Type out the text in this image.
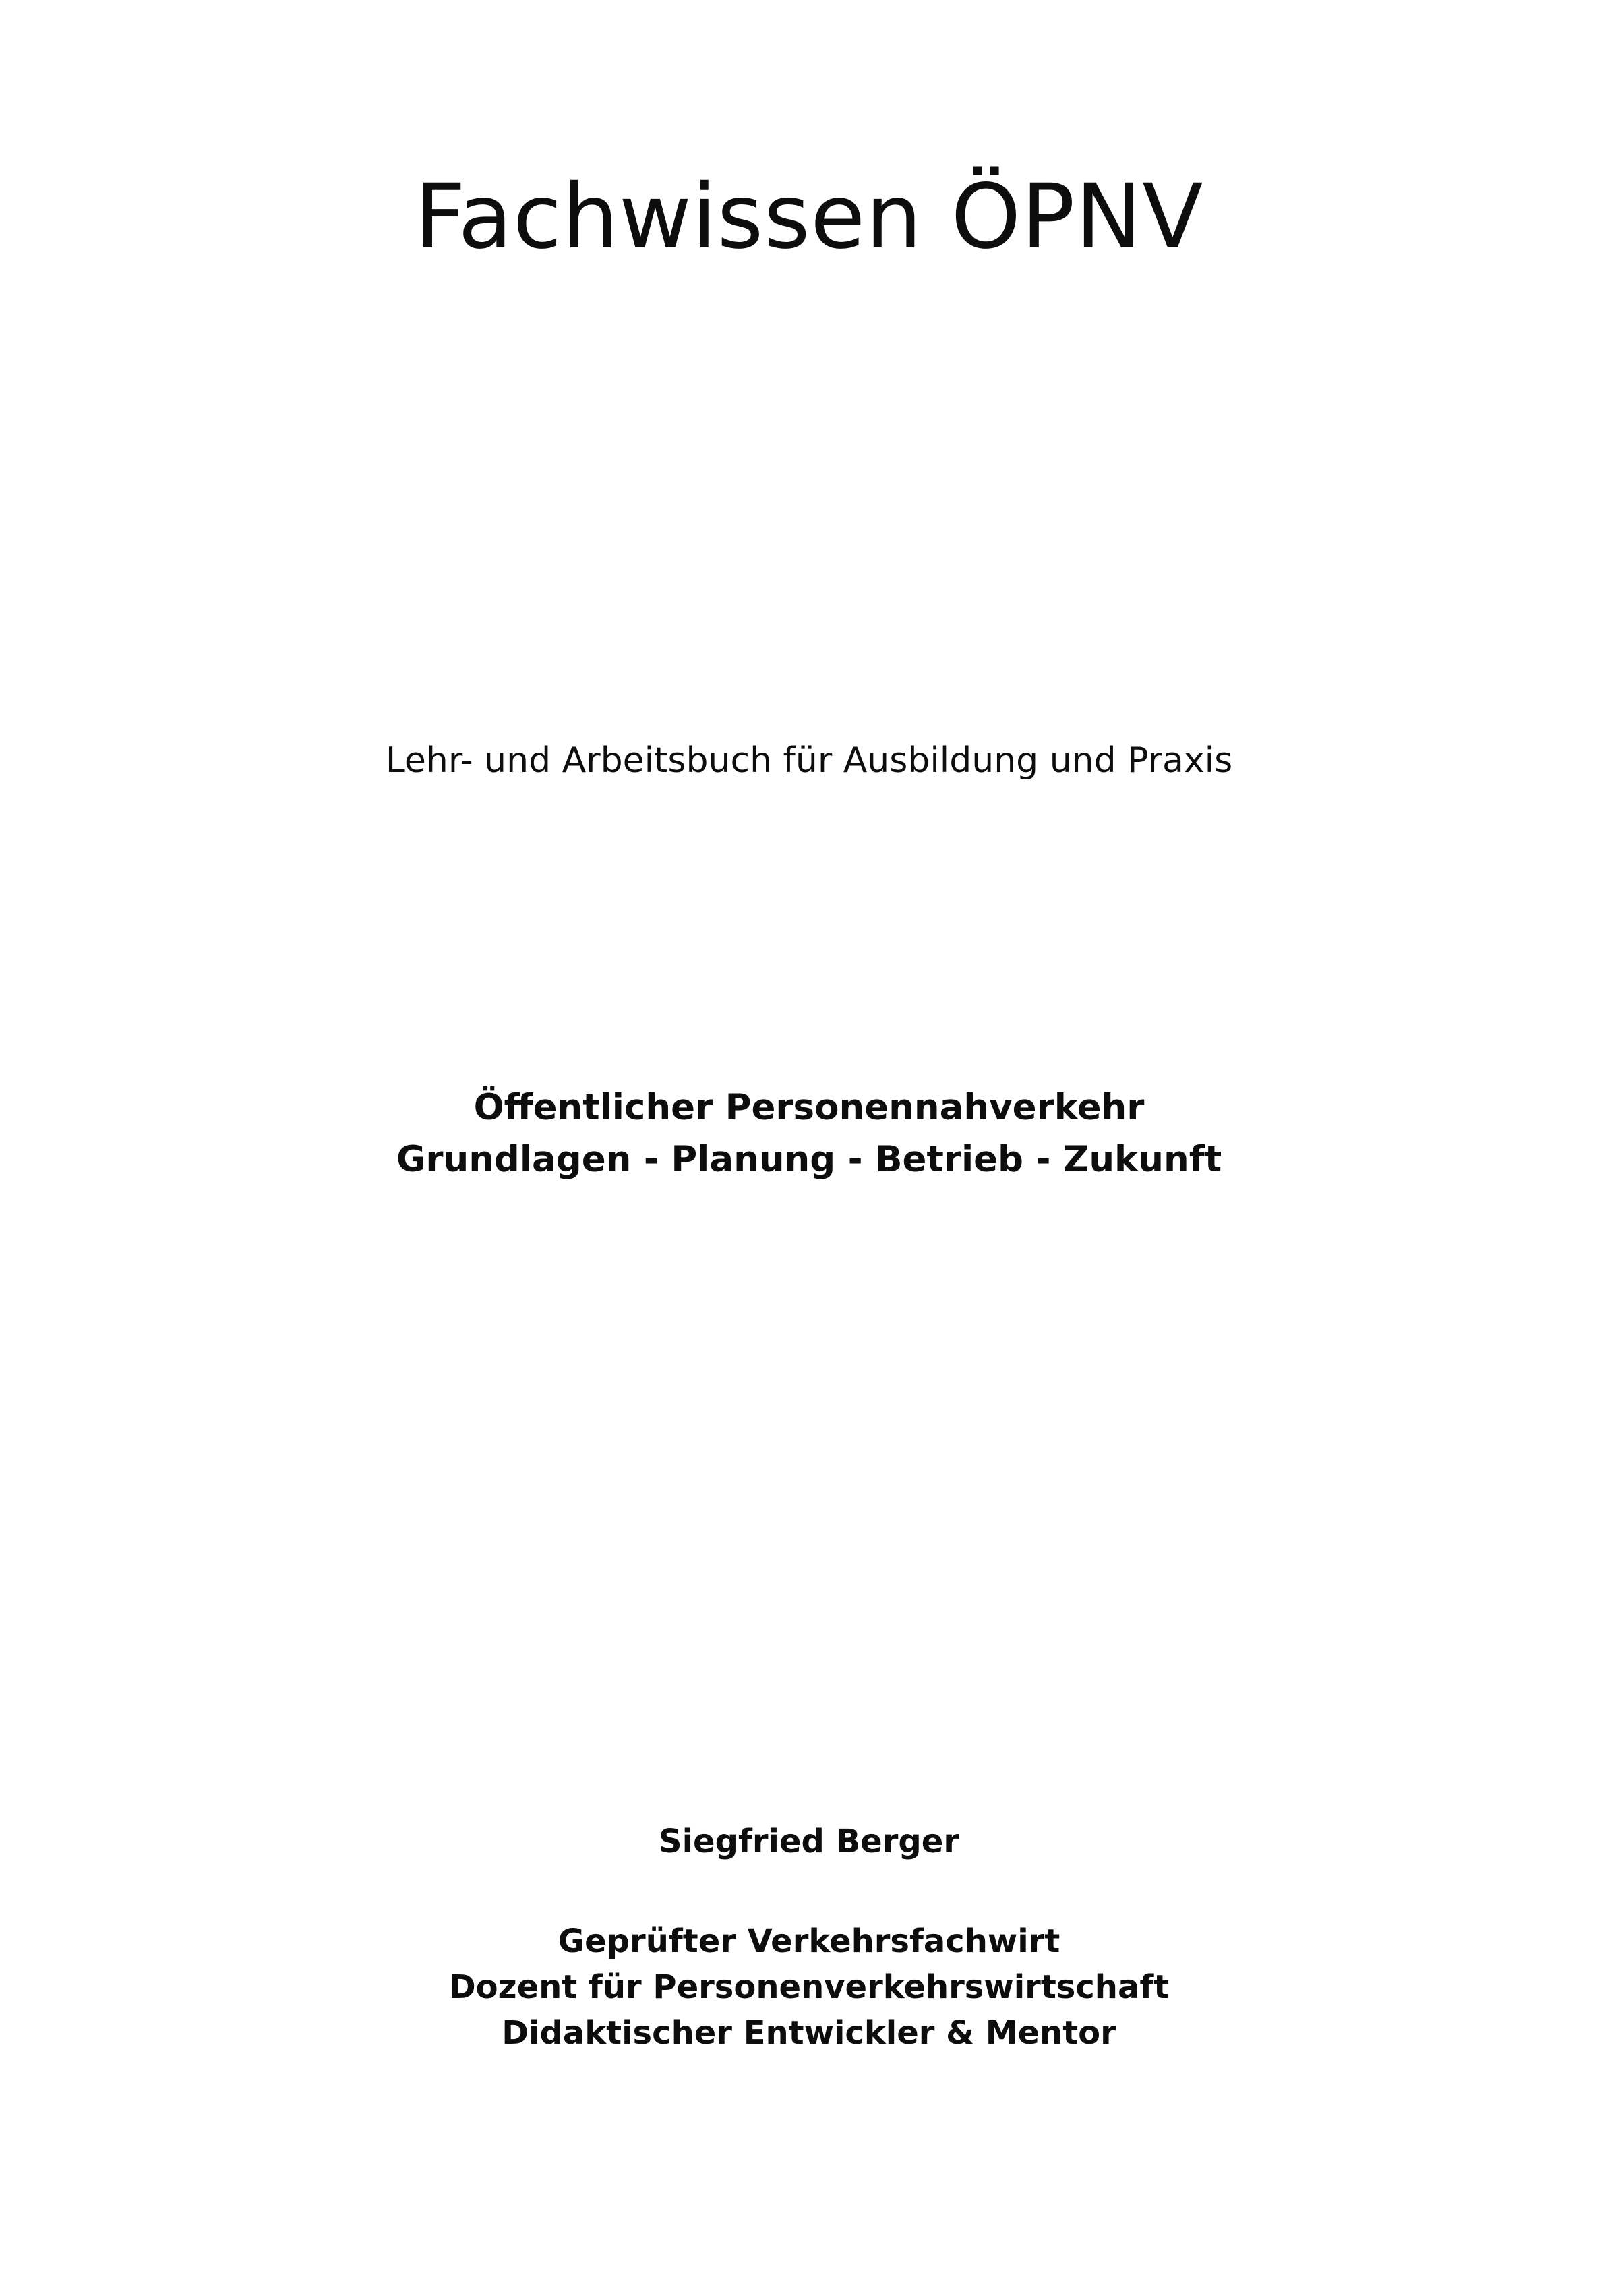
Fachwissen ÖPNV
Lehr- und Arbeitsbuch für Ausbildung und Praxis
Öffentlicher Personennahverkehr
Grundlagen - Planung - Betrieb - Zukunft
Siegfried Berger
Geprüfter Verkehrsfachwirt
Dozent für Personenverkehrswirtschaft
Didaktischer Entwickler & Mentor
